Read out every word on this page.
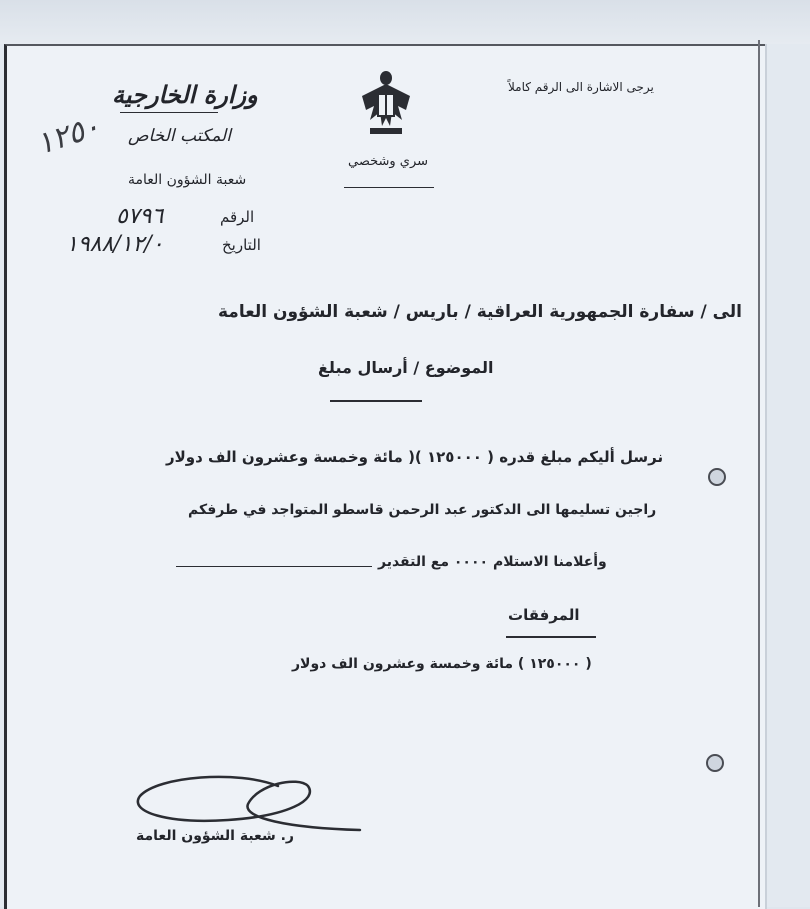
وزارة الخارجية
المكتب الخاص
شعبة الشؤون العامة
١٢٥٠
الرقم
٥٧٩٦
التاريخ
١٩٨٨/١٢/٠
سري وشخصي
يرجى الاشارة الى الرقم كاملاً
الى / سفارة الجمهورية العراقية / باريس / شعبة الشؤون العامة
الموضوع / أرسال مبلغ
نرسل أليكم مبلغ قدره ( ١٢٥٠٠٠ )( مائة وخمسة وعشرون الف دولار
راجين تسليمها الى الدكتور عبد الرحمن قاسطو المتواجد في طرفكم
وأعلامنا الاستلام ٠٠٠٠ مع التقدير
المرفقات
( ١٢٥٠٠٠ ) مائة وخمسة وعشرون الف دولار
ر. شعبة الشؤون العامة
